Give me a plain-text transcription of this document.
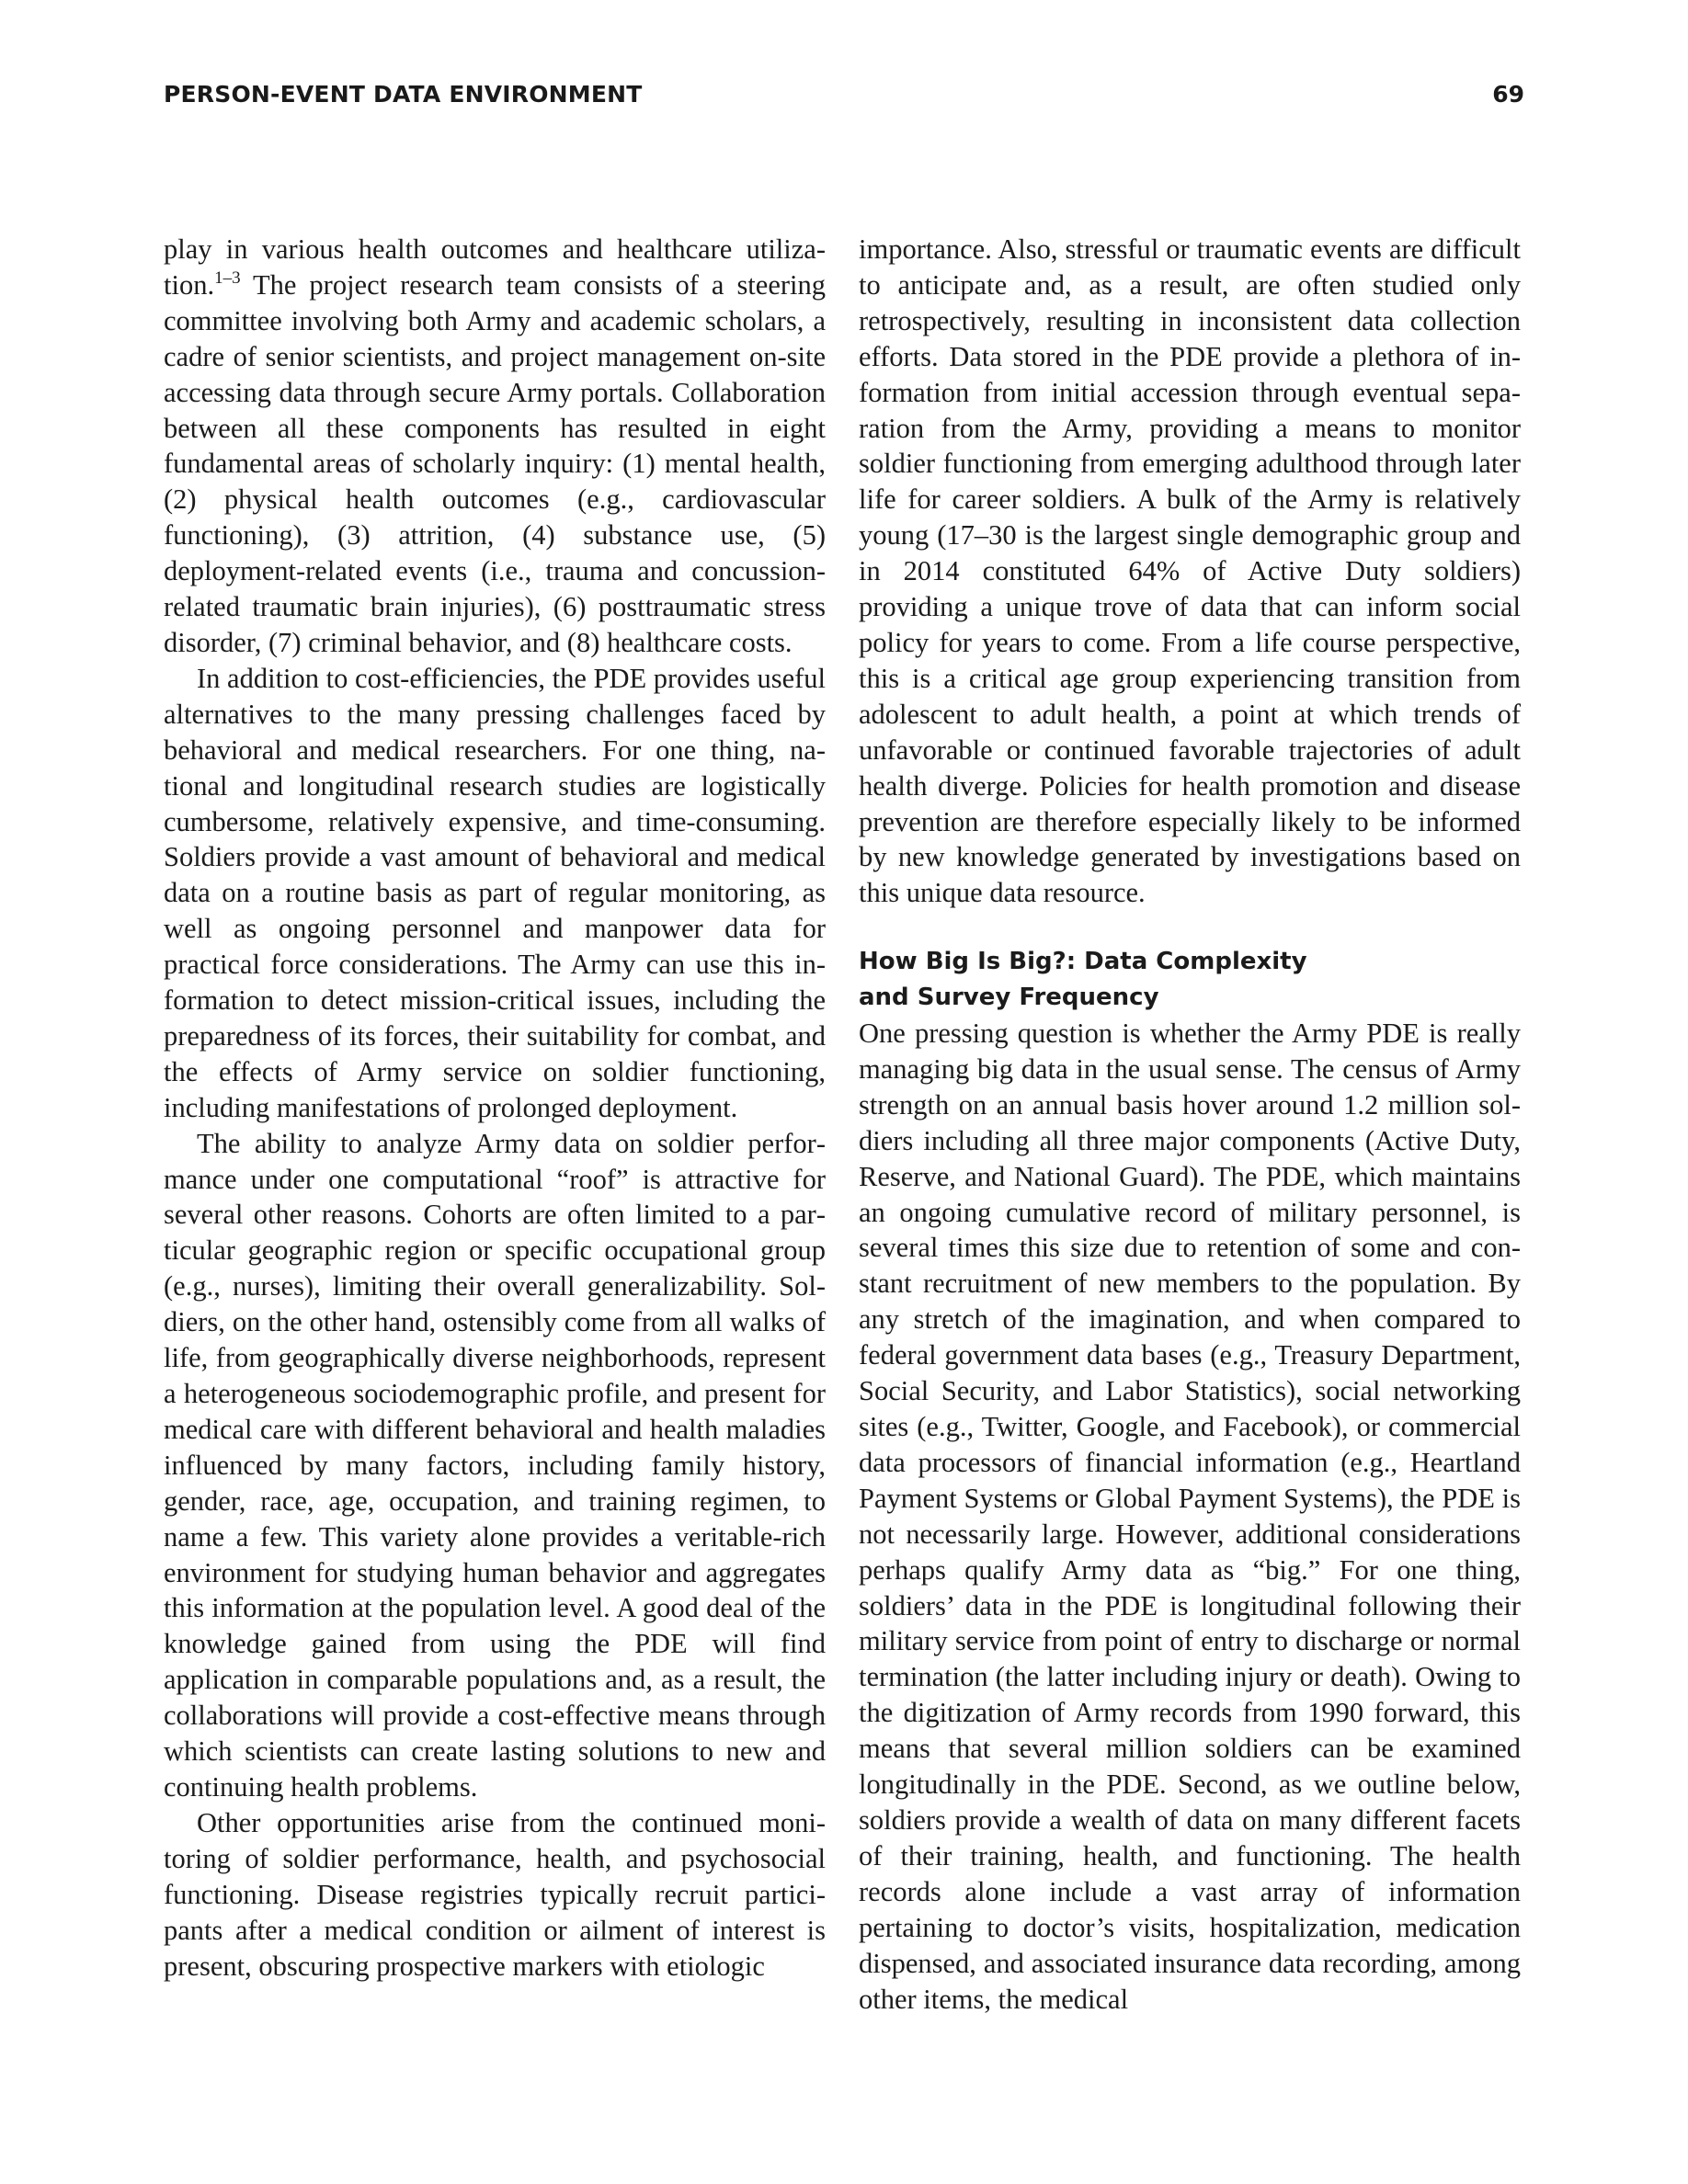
PERSON-EVENT DATA ENVIRONMENT	69

play in various health outcomes and healthcare utilization.$^{1-3}$ The project research team consists of a steering committee involving both Army and academic scholars, a cadre of senior scientists, and project management on-site accessing data through secure Army portals. Collaboration between all these components has resulted in eight fundamental areas of scholarly inquiry: (1) mental health, (2) physical health outcomes (e.g., cardiovascular functioning), (3) attrition, (4) substance use, (5) deployment-related events (i.e., trauma and concussion-related traumatic brain injuries), (6) posttraumatic stress disorder, (7) criminal behavior, and (8) healthcare costs.

In addition to cost-efficiencies, the PDE provides useful alternatives to the many pressing challenges faced by behavioral and medical researchers. For one thing, national and longitudinal research studies are logistically cumbersome, relatively expensive, and time-consuming. Soldiers provide a vast amount of behavioral and medical data on a routine basis as part of regular monitoring, as well as ongoing personnel and manpower data for practical force considerations. The Army can use this information to detect mission-critical issues, including the preparedness of its forces, their suitability for combat, and the effects of Army service on soldier functioning, including manifestations of prolonged deployment.

The ability to analyze Army data on soldier performance under one computational “roof” is attractive for several other reasons. Cohorts are often limited to a particular geographic region or specific occupational group (e.g., nurses), limiting their overall generalizability. Soldiers, on the other hand, ostensibly come from all walks of life, from geographically diverse neighborhoods, represent a heterogeneous sociodemographic profile, and present for medical care with different behavioral and health maladies influenced by many factors, including family history, gender, race, age, occupation, and training regimen, to name a few. This variety alone provides a veritable-rich environment for studying human behavior and aggregates this information at the population level. A good deal of the knowledge gained from using the PDE will find application in comparable populations and, as a result, the collaborations will provide a cost-effective means through which scientists can create lasting solutions to new and continuing health problems.

Other opportunities arise from the continued monitoring of soldier performance, health, and psychosocial functioning. Disease registries typically recruit participants after a medical condition or ailment of interest is present, obscuring prospective markers with etiologic

importance. Also, stressful or traumatic events are difficult to anticipate and, as a result, are often studied only retrospectively, resulting in inconsistent data collection efforts. Data stored in the PDE provide a plethora of information from initial accession through eventual separation from the Army, providing a means to monitor soldier functioning from emerging adulthood through later life for career soldiers. A bulk of the Army is relatively young (17–30 is the largest single demographic group and in 2014 constituted 64% of Active Duty soldiers) providing a unique trove of data that can inform social policy for years to come. From a life course perspective, this is a critical age group experiencing transition from adolescent to adult health, a point at which trends of unfavorable or continued favorable trajectories of adult health diverge. Policies for health promotion and disease prevention are therefore especially likely to be informed by new knowledge generated by investigations based on this unique data resource.

How Big Is Big?: Data Complexity
and Survey Frequency

One pressing question is whether the Army PDE is really managing big data in the usual sense. The census of Army strength on an annual basis hover around 1.2 million soldiers including all three major components (Active Duty, Reserve, and National Guard). The PDE, which maintains an ongoing cumulative record of military personnel, is several times this size due to retention of some and constant recruitment of new members to the population. By any stretch of the imagination, and when compared to federal government data bases (e.g., Treasury Department, Social Security, and Labor Statistics), social networking sites (e.g., Twitter, Google, and Facebook), or commercial data processors of financial information (e.g., Heartland Payment Systems or Global Payment Systems), the PDE is not necessarily large. However, additional considerations perhaps qualify Army data as “big.” For one thing, soldiers’ data in the PDE is longitudinal following their military service from point of entry to discharge or normal termination (the latter including injury or death). Owing to the digitization of Army records from 1990 forward, this means that several million soldiers can be examined longitudinally in the PDE. Second, as we outline below, soldiers provide a wealth of data on many different facets of their training, health, and functioning. The health records alone include a vast array of information pertaining to doctor’s visits, hospitalization, medication dispensed, and associated insurance data recording, among other items, the medical
